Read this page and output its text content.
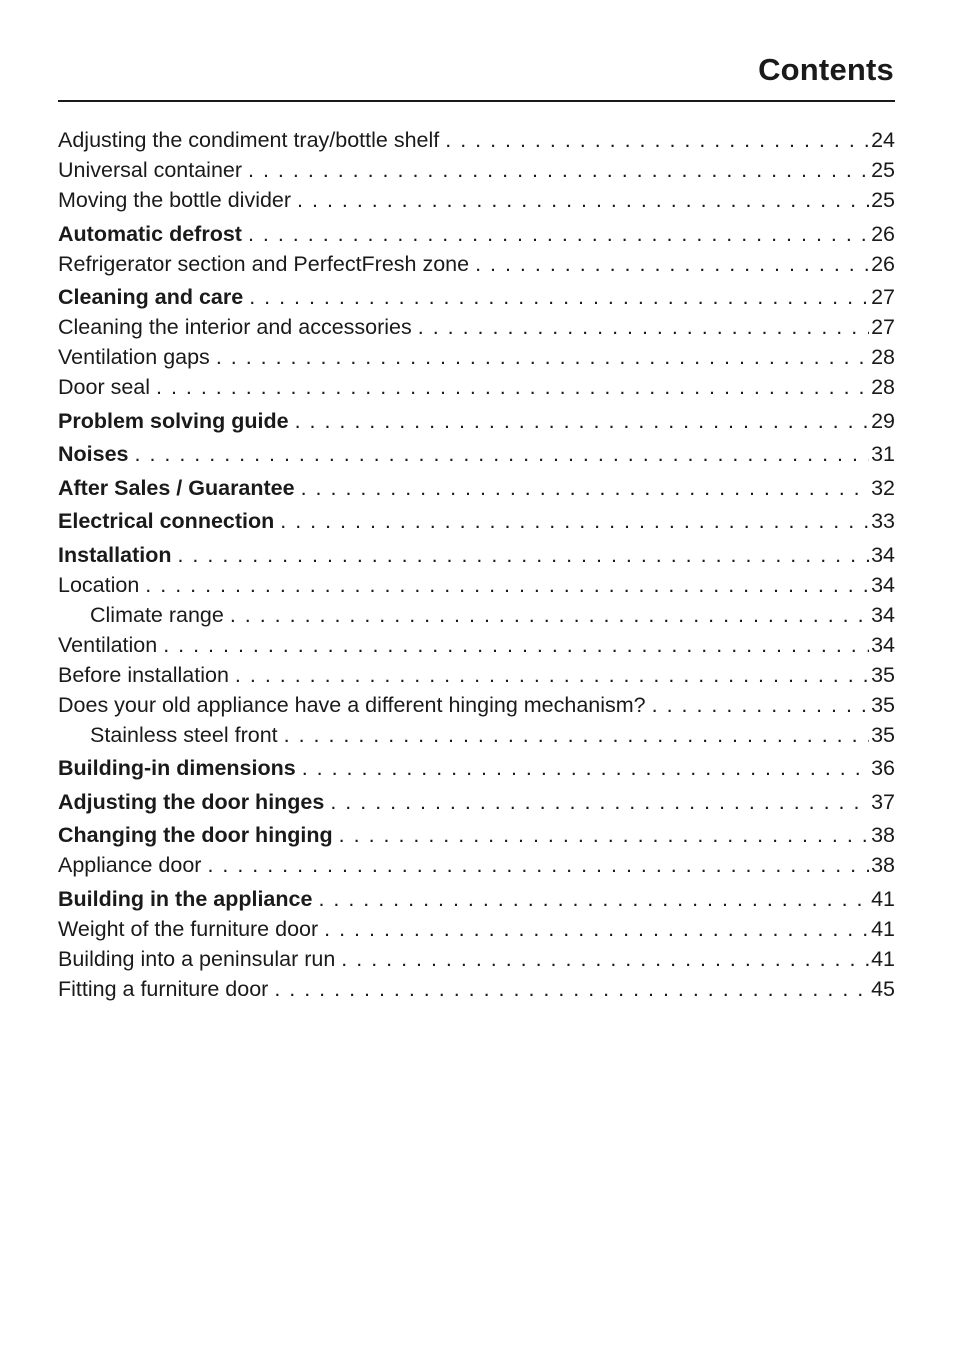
Contents
Adjusting the condiment tray/bottle shelf . . .	24
Universal container . . .	25
Moving the bottle divider . . .	25
Automatic defrost . . .	26
Refrigerator section and PerfectFresh zone . . .	26
Cleaning and care . . .	27
Cleaning the interior and accessories . . .	27
Ventilation gaps . . .	28
Door seal . . .	28
Problem solving guide . . .	29
Noises . . .	31
After Sales / Guarantee . . .	32
Electrical connection . . .	33
Installation . . .	34
Location . . .	34
Climate range . . .	34
Ventilation . . .	34
Before installation . . .	35
Does your old appliance have a different hinging mechanism? . . .	35
Stainless steel front . . .	35
Building-in dimensions . . .	36
Adjusting the door hinges . . .	37
Changing the door hinging . . .	38
Appliance door . . .	38
Building in the appliance . . .	41
Weight of the furniture door . . .	41
Building into a peninsular run . . .	41
Fitting a furniture door . . .	45
